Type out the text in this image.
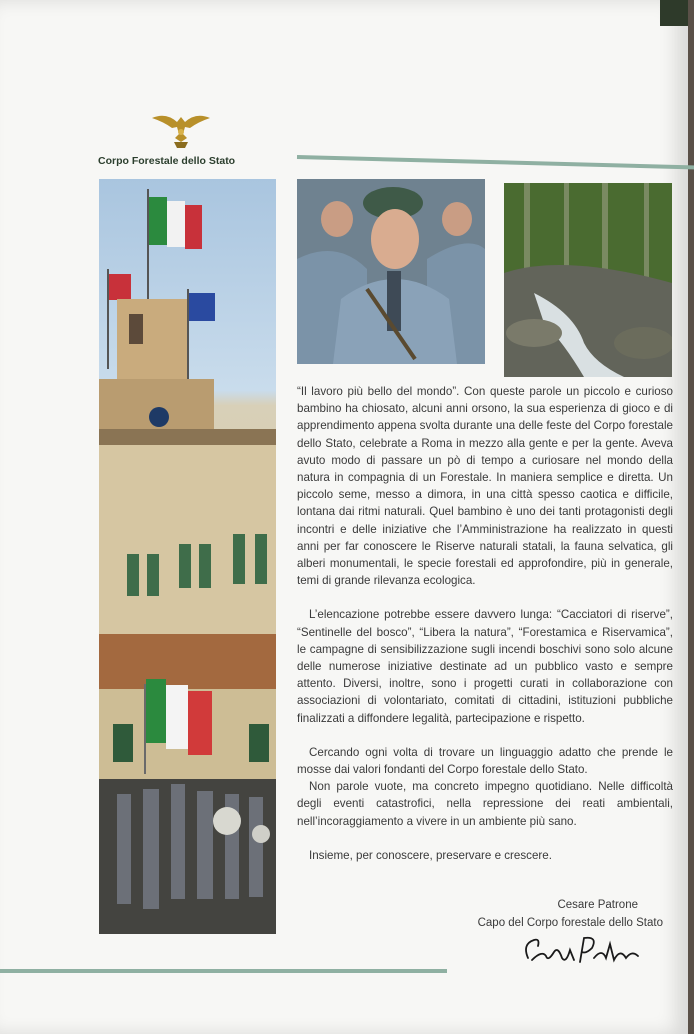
Corpo Forestale dello Stato

“Il lavoro più bello del mondo”. Con queste parole un piccolo e curioso bambino ha chiosato, alcuni anni orsono, la sua esperienza di gioco e di apprendimento appena svolta durante una delle feste del Corpo forestale dello Stato, celebrate a Roma in mezzo alla gente e per la gente. Aveva avuto modo di passare un pò di tempo a curiosare nel mondo della natura in compagnia di un Forestale. In maniera semplice e diretta. Un piccolo seme, messo a dimora, in una città spesso caotica e difficile, lontana dai ritmi naturali. Quel bambino è uno dei tanti protagonisti degli incontri e delle iniziative che l’Amministrazione ha realizzato in questi anni per far conoscere le Riserve naturali statali, la fauna selvatica, gli alberi monumentali, le specie forestali ed approfondire, più in generale, temi di grande rilevanza ecologica.

L’elencazione potrebbe essere davvero lunga: “Cacciatori di riserve”, “Sentinelle del bosco”, “Libera la natura”, “Forestamica e Riservamica”, le campagne di sensibilizzazione sugli incendi boschivi sono solo alcune delle numerose iniziative destinate ad un pubblico vasto e sempre attento. Diversi, inoltre, sono i progetti curati in collaborazione con associazioni di volontariato, comitati di cittadini, istituzioni pubbliche finalizzati a diffondere legalità, partecipazione e rispetto.

Cercando ogni volta di trovare un linguaggio adatto che prende le mosse dai valori fondanti del Corpo forestale dello Stato.

Non parole vuote, ma concreto impegno quotidiano. Nelle difficoltà degli eventi catastrofici, nella repressione dei reati ambientali, nell’incoraggiamento a vivere in un ambiente più sano.

Insieme, per conoscere, preservare e crescere.

Cesare Patrone
Capo del Corpo forestale dello Stato
